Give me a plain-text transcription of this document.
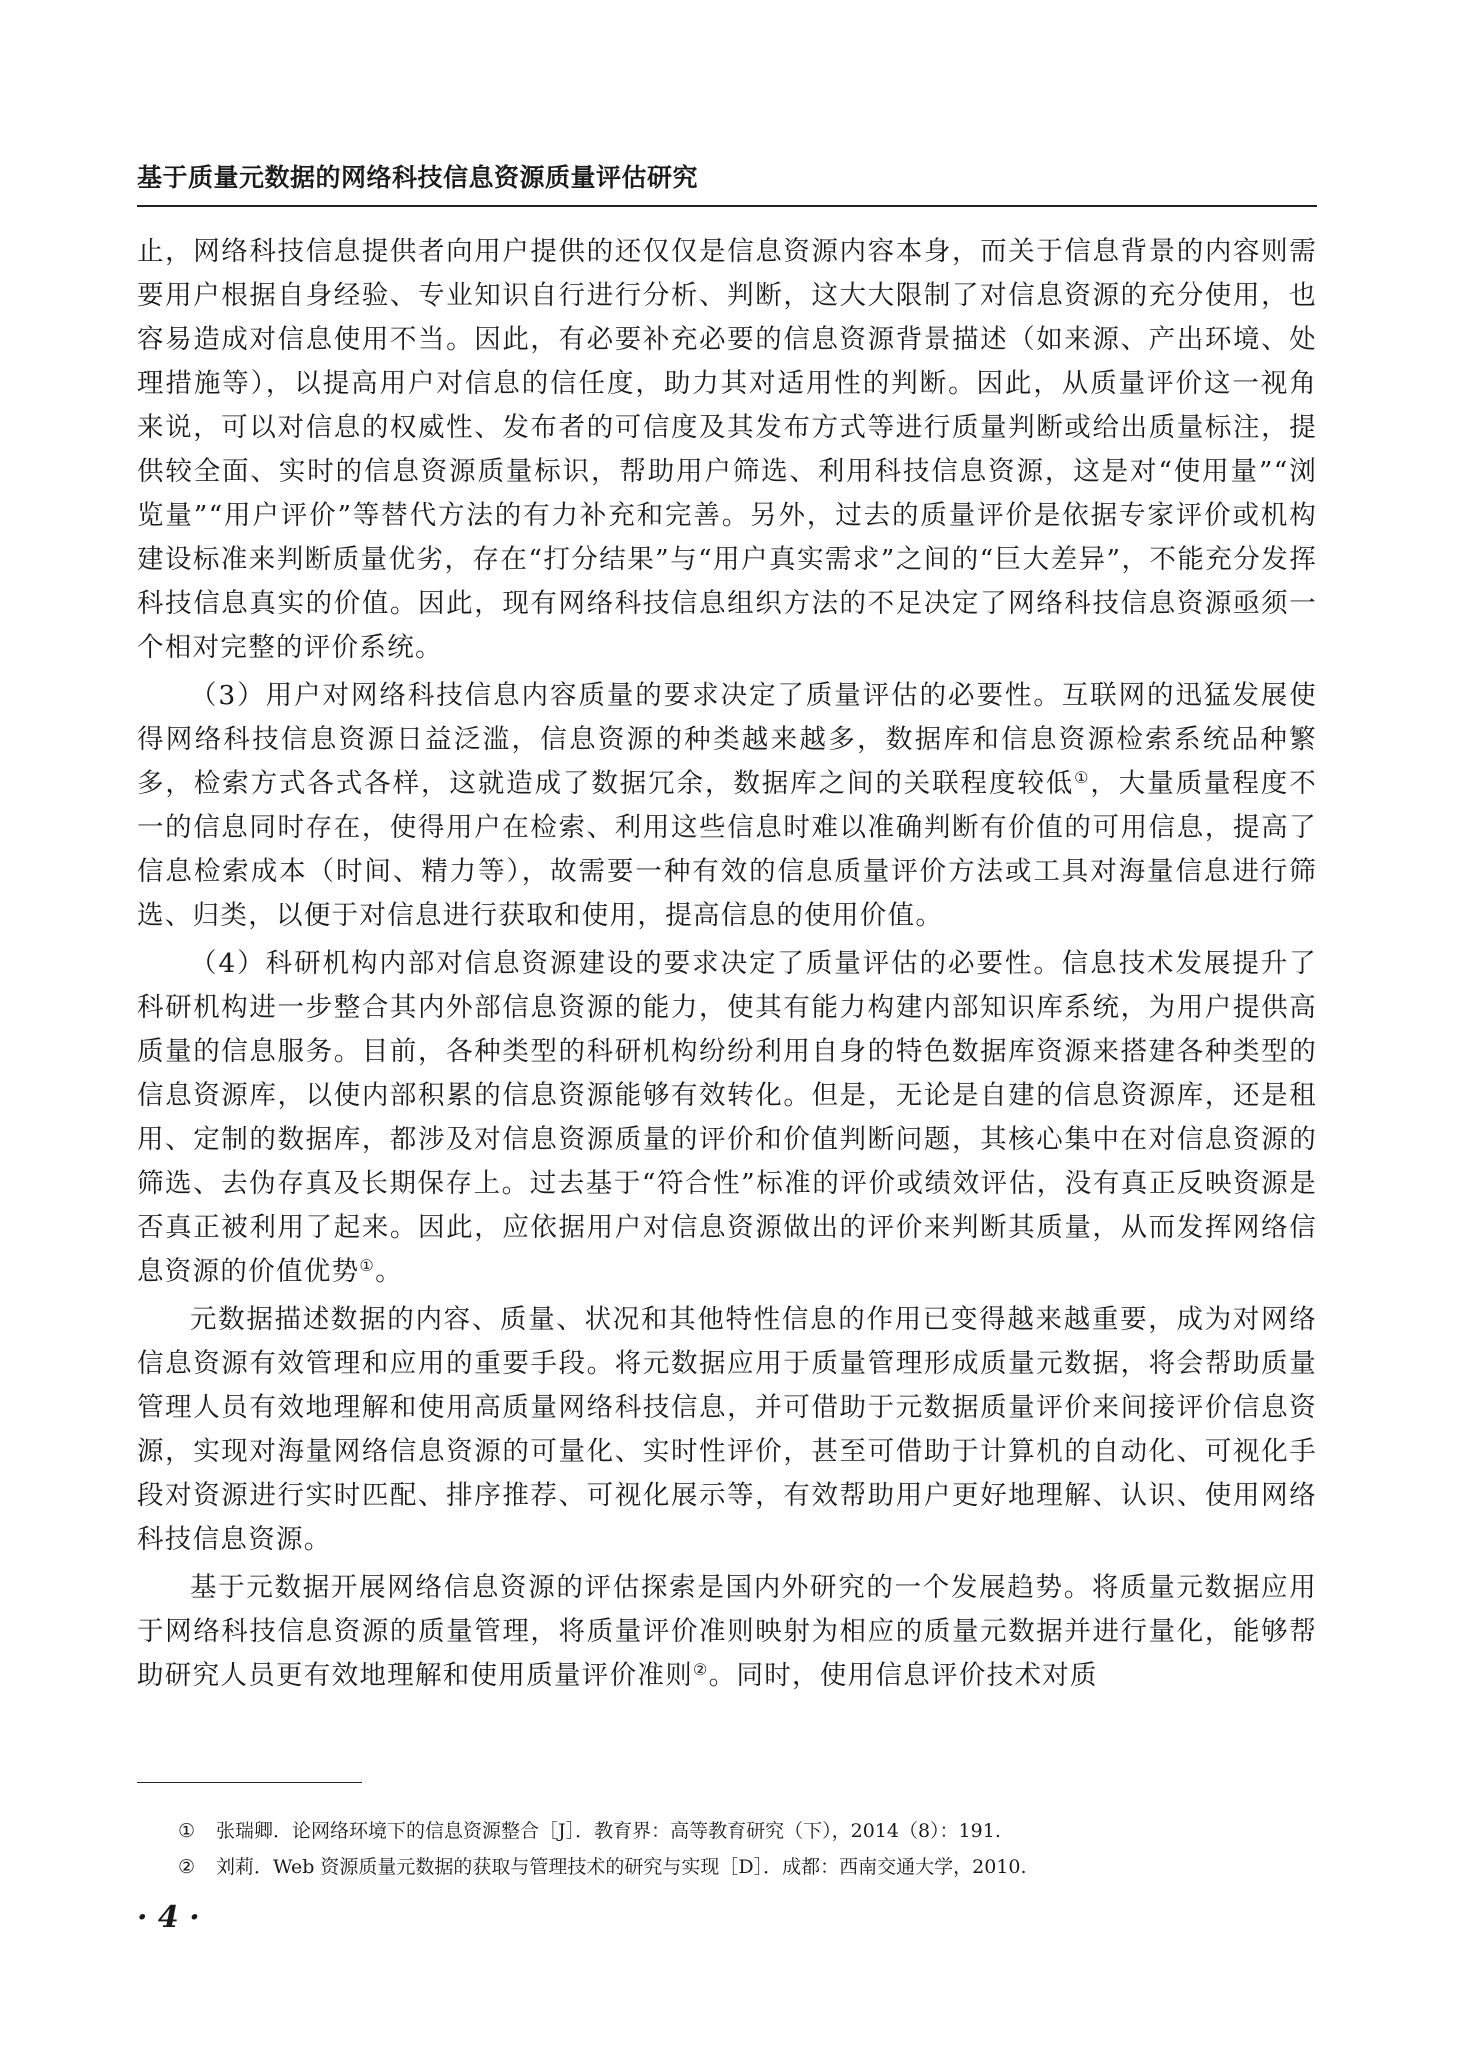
基于质量元数据的网络科技信息资源质量评估研究

止，网络科技信息提供者向用户提供的还仅仅是信息资源内容本身，而关于信息背景的内容则需要用户根据自身经验、专业知识自行进行分析、判断，这大大限制了对信息资源的充分使用，也容易造成对信息使用不当。因此，有必要补充必要的信息资源背景描述（如来源、产出环境、处理措施等），以提高用户对信息的信任度，助力其对适用性的判断。因此，从质量评价这一视角来说，可以对信息的权威性、发布者的可信度及其发布方式等进行质量判断或给出质量标注，提供较全面、实时的信息资源质量标识，帮助用户筛选、利用科技信息资源，这是对“使用量”“浏览量”“用户评价”等替代方法的有力补充和完善。另外，过去的质量评价是依据专家评价或机构建设标准来判断质量优劣，存在“打分结果”与“用户真实需求”之间的“巨大差异”，不能充分发挥科技信息真实的价值。因此，现有网络科技信息组织方法的不足决定了网络科技信息资源亟须一个相对完整的评价系统。

（3）用户对网络科技信息内容质量的要求决定了质量评估的必要性。互联网的迅猛发展使得网络科技信息资源日益泛滥，信息资源的种类越来越多，数据库和信息资源检索系统品种繁多，检索方式各式各样，这就造成了数据冗余，数据库之间的关联程度较低①，大量质量程度不一的信息同时存在，使得用户在检索、利用这些信息时难以准确判断有价值的可用信息，提高了信息检索成本（时间、精力等），故需要一种有效的信息质量评价方法或工具对海量信息进行筛选、归类，以便于对信息进行获取和使用，提高信息的使用价值。

（4）科研机构内部对信息资源建设的要求决定了质量评估的必要性。信息技术发展提升了科研机构进一步整合其内外部信息资源的能力，使其有能力构建内部知识库系统，为用户提供高质量的信息服务。目前，各种类型的科研机构纷纷利用自身的特色数据库资源来搭建各种类型的信息资源库，以使内部积累的信息资源能够有效转化。但是，无论是自建的信息资源库，还是租用、定制的数据库，都涉及对信息资源质量的评价和价值判断问题，其核心集中在对信息资源的筛选、去伪存真及长期保存上。过去基于“符合性”标准的评价或绩效评估，没有真正反映资源是否真正被利用了起来。因此，应依据用户对信息资源做出的评价来判断其质量，从而发挥网络信息资源的价值优势①。

元数据描述数据的内容、质量、状况和其他特性信息的作用已变得越来越重要，成为对网络信息资源有效管理和应用的重要手段。将元数据应用于质量管理形成质量元数据，将会帮助质量管理人员有效地理解和使用高质量网络科技信息，并可借助于元数据质量评价来间接评价信息资源，实现对海量网络信息资源的可量化、实时性评价，甚至可借助于计算机的自动化、可视化手段对资源进行实时匹配、排序推荐、可视化展示等，有效帮助用户更好地理解、认识、使用网络科技信息资源。

基于元数据开展网络信息资源的评估探索是国内外研究的一个发展趋势。将质量元数据应用于网络科技信息资源的质量管理，将质量评价准则映射为相应的质量元数据并进行量化，能够帮助研究人员更有效地理解和使用质量评价准则②。同时，使用信息评价技术对质

① 张瑞卿．论网络环境下的信息资源整合［J］．教育界：高等教育研究（下），2014（8）：191.
② 刘莉．Web 资源质量元数据的获取与管理技术的研究与实现［D］．成都：西南交通大学，2010.
· 4 ·
